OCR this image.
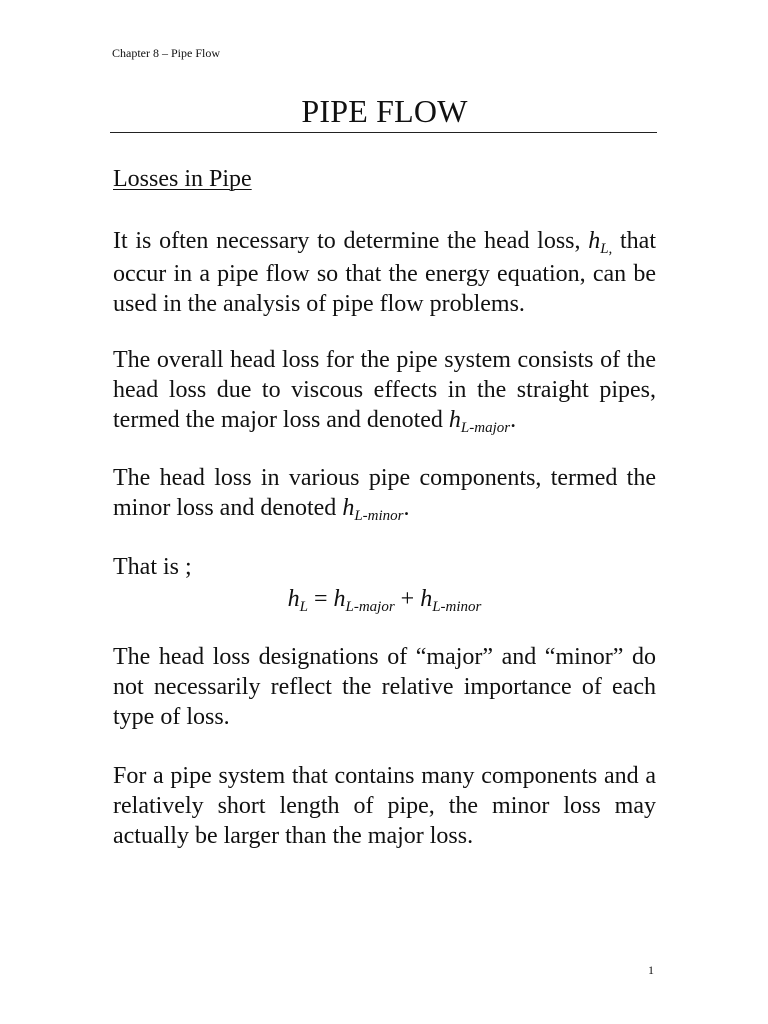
Chapter 8 – Pipe Flow
PIPE FLOW
Losses in Pipe
It is often necessary to determine the head loss, $h_{L,}$ that occur in a pipe flow so that the energy equation, can be used in the analysis of pipe flow problems.
The overall head loss for the pipe system consists of the head loss due to viscous effects in the straight pipes, termed the major loss and denoted $h_{L-major}$.
The head loss in various pipe components, termed the minor loss and denoted $h_{L-minor}$.
That is ;
$h_L = h_{L-major} + h_{L-minor}$
The head loss designations of “major” and “minor” do not necessarily reflect the relative importance of each type of loss.
For a pipe system that contains many components and a relatively short length of pipe, the minor loss may actually be larger than the major loss.
1
